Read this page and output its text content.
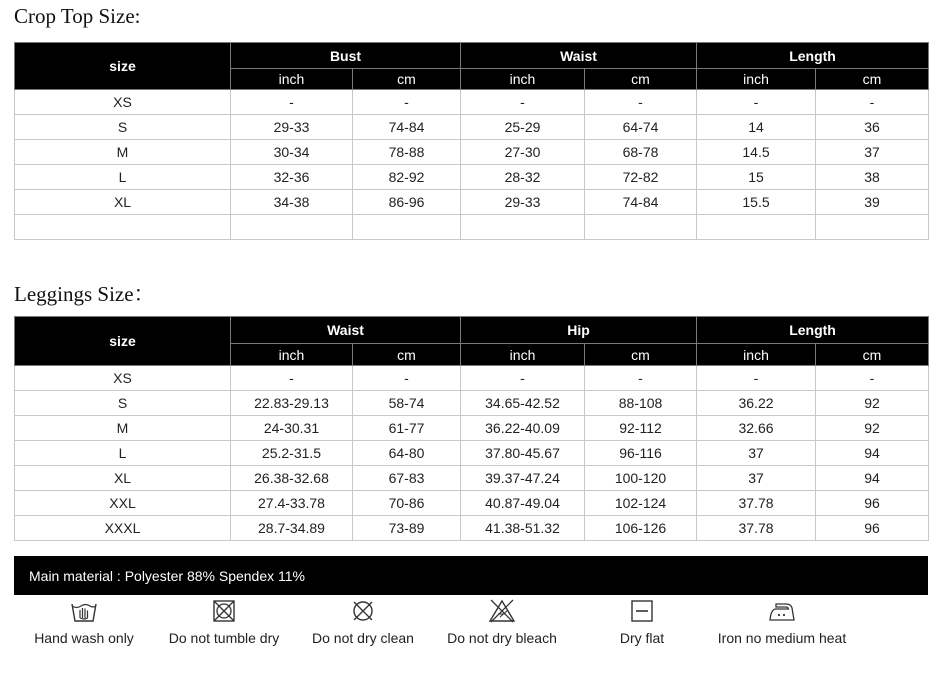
Crop Top Size:
size	Bust		Waist		Length	
	inch	cm	inch	cm	inch	cm
XS	-	-	-	-	-	-
S	29-33	74-84	25-29	64-74	14	36
M	30-34	78-88	27-30	68-78	14.5	37
L	32-36	82-92	28-32	72-82	15	38
XL	34-38	86-96	29-33	74-84	15.5	39

Leggings Size：
size	Waist		Hip		Length	
	inch	cm	inch	cm	inch	cm
XS	-	-	-	-	-	-
S	22.83-29.13	58-74	34.65-42.52	88-108	36.22	92
M	24-30.31	61-77	36.22-40.09	92-112	32.66	92
L	25.2-31.5	64-80	37.80-45.67	96-116	37	94
XL	26.38-32.68	67-83	39.37-47.24	100-120	37	94
XXL	27.4-33.78	70-86	40.87-49.04	102-124	37.78	96
XXXL	28.7-34.89	73-89	41.38-51.32	106-126	37.78	96
Main material : Polyester 88% Spendex 11%
Hand wash only	Do not tumble dry	Do not dry clean	Do not dry bleach	Dry flat	Iron no medium heat
